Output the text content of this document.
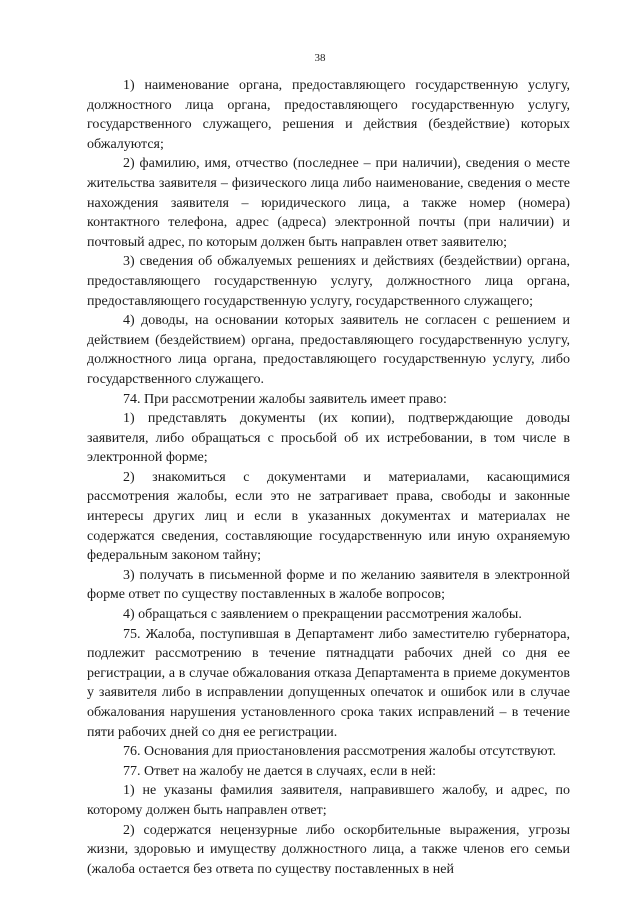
38

1) наименование органа, предоставляющего государственную услугу, должностного лица органа, предоставляющего государственную услугу, государственного служащего, решения и действия (бездействие) которых обжалуются;

2) фамилию, имя, отчество (последнее – при наличии), сведения о месте жительства заявителя – физического лица либо наименование, сведения о месте нахождения заявителя – юридического лица, а также номер (номера) контактного телефона, адрес (адреса) электронной почты (при наличии) и почтовый адрес, по которым должен быть направлен ответ заявителю;

3) сведения об обжалуемых решениях и действиях (бездействии) органа, предоставляющего государственную услугу, должностного лица органа, предоставляющего государственную услугу, государственного служащего;

4) доводы, на основании которых заявитель не согласен с решением и действием (бездействием) органа, предоставляющего государственную услугу, должностного лица органа, предоставляющего государственную услугу, либо государственного служащего.

74. При рассмотрении жалобы заявитель имеет право:

1) представлять документы (их копии), подтверждающие доводы заявителя, либо обращаться с просьбой об их истребовании, в том числе в электронной форме;

2) знакомиться с документами и материалами, касающимися рассмотрения жалобы, если это не затрагивает права, свободы и законные интересы других лиц и если в указанных документах и материалах не содержатся сведения, составляющие государственную или иную охраняемую федеральным законом тайну;

3) получать в письменной форме и по желанию заявителя в электронной форме ответ по существу поставленных в жалобе вопросов;

4) обращаться с заявлением о прекращении рассмотрения жалобы.

75. Жалоба, поступившая в Департамент либо заместителю губернатора, подлежит рассмотрению в течение пятнадцати рабочих дней со дня ее регистрации, а в случае обжалования отказа Департамента в приеме документов у заявителя либо в исправлении допущенных опечаток и ошибок или в случае обжалования нарушения установленного срока таких исправлений – в течение пяти рабочих дней со дня ее регистрации.

76. Основания для приостановления рассмотрения жалобы отсутствуют.

77. Ответ на жалобу не дается в случаях, если в ней:

1) не указаны фамилия заявителя, направившего жалобу, и адрес, по которому должен быть направлен ответ;

2) содержатся нецензурные либо оскорбительные выражения, угрозы жизни, здоровью и имуществу должностного лица, а также членов его семьи (жалоба остается без ответа по существу поставленных в ней
